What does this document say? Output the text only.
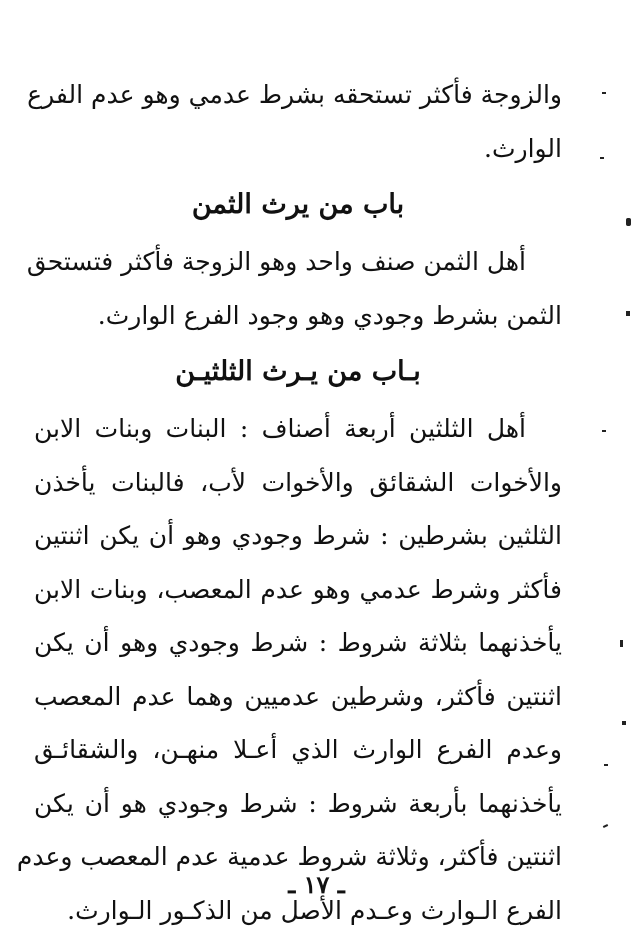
والزوجة فأكثر تستحقه بشرط عدمي وهو عدم الفرع
الوارث.
باب من يرث الثمن
أهل الثمن صنف واحد وهو الزوجة فأكثر فتستحق
الثمن بشرط وجودي وهو وجود الفرع الوارث.
بـاب من يـرث الثلثيـن
أهل الثلثين أربعة أصناف : البنات وبنات الابن
والأخوات الشقائق والأخوات لأب، فالبنات يأخذن
الثلثين بشرطين : شرط وجودي وهو أن يكن اثنتين
فأكثر وشرط عدمي وهو عدم المعصب، وبنات الابن
يأخذنهما بثلاثة شروط : شرط وجودي وهو أن يكن
اثنتين فأكثر، وشرطين عدميين وهما عدم المعصب
وعدم الفرع الوارث الذي أعـلا منهـن، والشقائـق
يأخذنهما بأربعة شروط : شرط وجودي هو أن يكن
اثنتين فأكثر، وثلاثة شروط عدمية عدم المعصب وعدم
الفرع الـوارث وعـدم الأصل من الذكـور الـوارث.
ـ ١٧ ـ
